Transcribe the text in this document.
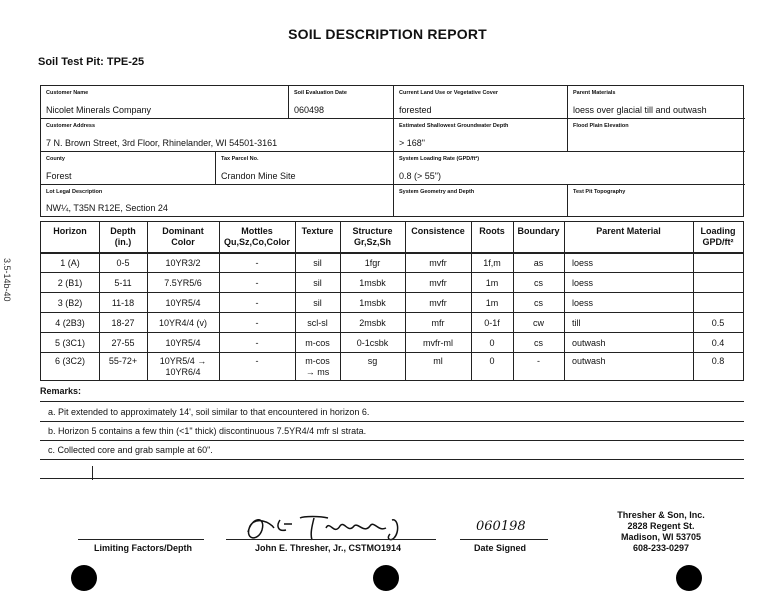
SOIL DESCRIPTION REPORT
Soil Test Pit: TPE-25
3.5-14b-40
Customer Name
Nicolet Minerals Company
Soil Evaluation Date
060498
Current Land Use or Vegetative Cover
forested
Parent Materials
loess over glacial till and outwash
Customer Address
7 N. Brown Street, 3rd Floor, Rhinelander, WI 54501-3161
Estimated Shallowest Groundwater Depth
> 168"
Flood Plain Elevation
County
Forest
Tax Parcel No.
Crandon Mine Site
System Loading Rate (GPD/ft²)
0.8 (> 55")
Lot Legal Description
NW¼, T35N R12E, Section 24
System Geometry and Depth	Test Pit Topography
Horizon	Depth
(in.)
Dominant
Color
Mottles
Qu,Sz,Co,Color
Texture	Structure
Gr,Sz,Sh
Consistence	Roots	Boundary	Parent Material	Loading
GPD/ft²
1 (A)	0-5	10YR3/2	-	sil	1fgr	mvfr	1f,m	as	loess
2 (B1)	5-11	7.5YR5/6	-	sil	1msbk	mvfr	1m	cs	loess
3 (B2)	11-18	10YR5/4	-	sil	1msbk	mvfr	1m	cs	loess
4 (2B3)	18-27	10YR4/4 (v)	-	scl-sl	2msbk	mfr	0-1f	cw	till	0.5
5 (3C1)	27-55	10YR5/4	-	m-cos	0-1csbk	mvfr-ml	0	cs	outwash	0.4
6 (3C2)	55-72+	10YR5/4 →
10YR6/4
-	m-cos
→ ms
sg	ml	0	-	outwash	0.8
Remarks:
a. Pit extended to approximately 14', soil similar to that encountered in horizon 6.
b. Horizon 5 contains a few thin (<1" thick) discontinuous 7.5YR4/4 mfr sl strata.
c. Collected core and grab sample at 60".
Limiting Factors/Depth	John E. Thresher, Jr., CSTMO1914
060198
Date Signed
Thresher & Son, Inc.
2828 Regent St.
Madison, WI 53705
608-233-0297
